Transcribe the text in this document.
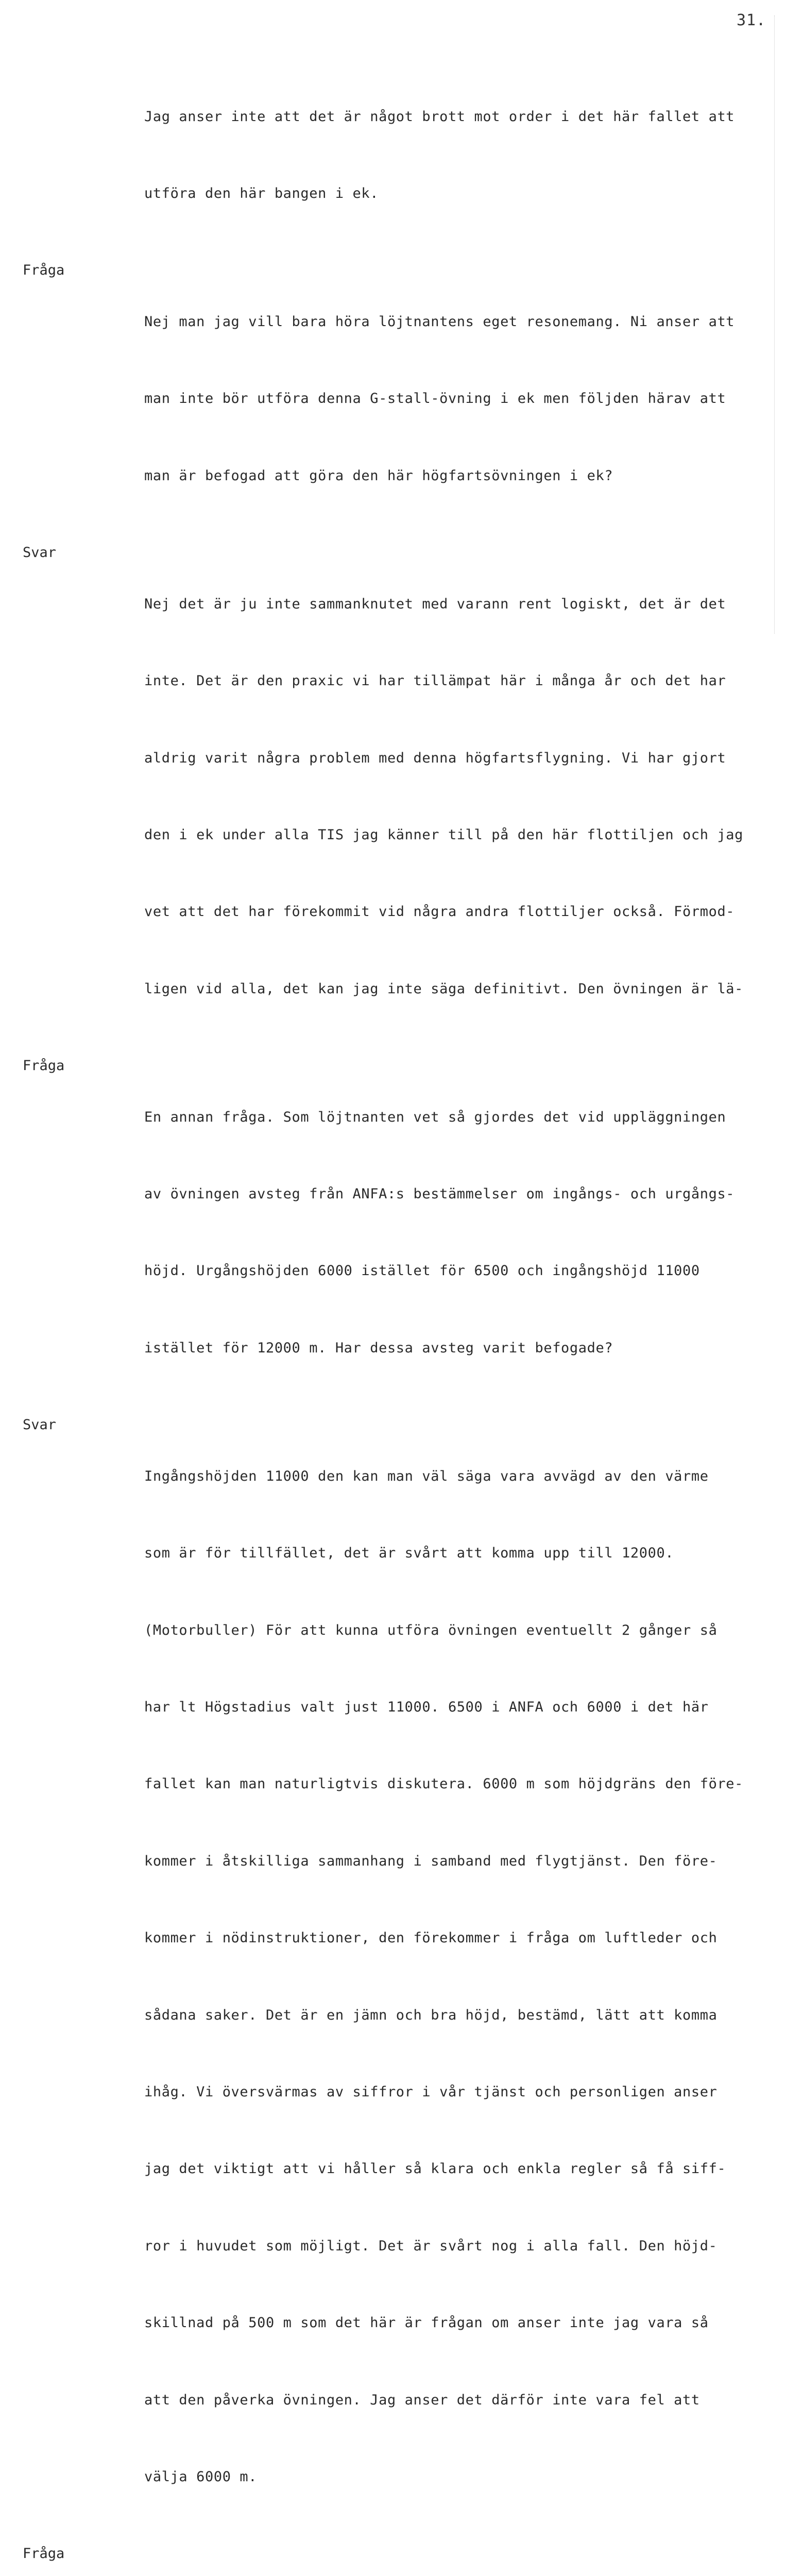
31.

Jag anser inte att det är något brott mot order i det här fallet att

utföra den här bangen i ek.

Fråga

Nej man jag vill bara höra löjtnantens eget resonemang. Ni anser att

man inte bör utföra denna G-stall-övning i ek men följden härav att

man är befogad att göra den här högfartsövningen i ek?

Svar

Nej det är ju inte sammanknutet med varann rent logiskt, det är det

inte. Det är den praxic vi har tillämpat här i många år och det har

aldrig varit några problem med denna högfartsflygning. Vi har gjort

den i ek under alla TIS jag känner till på den här flottiljen och jag

vet att det har förekommit vid några andra flottiljer också. Förmod-

ligen vid alla, det kan jag inte säga definitivt. Den övningen är lä-

Fråga

En annan fråga. Som löjtnanten vet så gjordes det vid uppläggningen

av övningen avsteg från ANFA:s bestämmelser om ingångs- och urgångs-

höjd. Urgångshöjden 6000 istället för 6500 och ingångshöjd 11000

istället för 12000 m. Har dessa avsteg varit befogade?

Svar

Ingångshöjden 11000 den kan man väl säga vara avvägd av den värme

som är för tillfället, det är svårt att komma upp till 12000.

(Motorbuller) För att kunna utföra övningen eventuellt 2 gånger så

har lt Högstadius valt just 11000. 6500 i ANFA och 6000 i det här

fallet kan man naturligtvis diskutera. 6000 m som höjdgräns den före-

kommer i åtskilliga sammanhang i samband med flygtjänst. Den före-

kommer i nödinstruktioner, den förekommer i fråga om luftleder och

sådana saker. Det är en jämn och bra höjd, bestämd, lätt att komma

ihåg. Vi översvärmas av siffror i vår tjänst och personligen anser

jag det viktigt att vi håller så klara och enkla regler så få siff-

ror i huvudet som möjligt. Det är svårt nog i alla fall. Den höjd-

skillnad på 500 m som det här är frågan om anser inte jag vara så

att den påverka övningen. Jag anser det därför inte vara fel att

välja 6000 m.

Fråga
